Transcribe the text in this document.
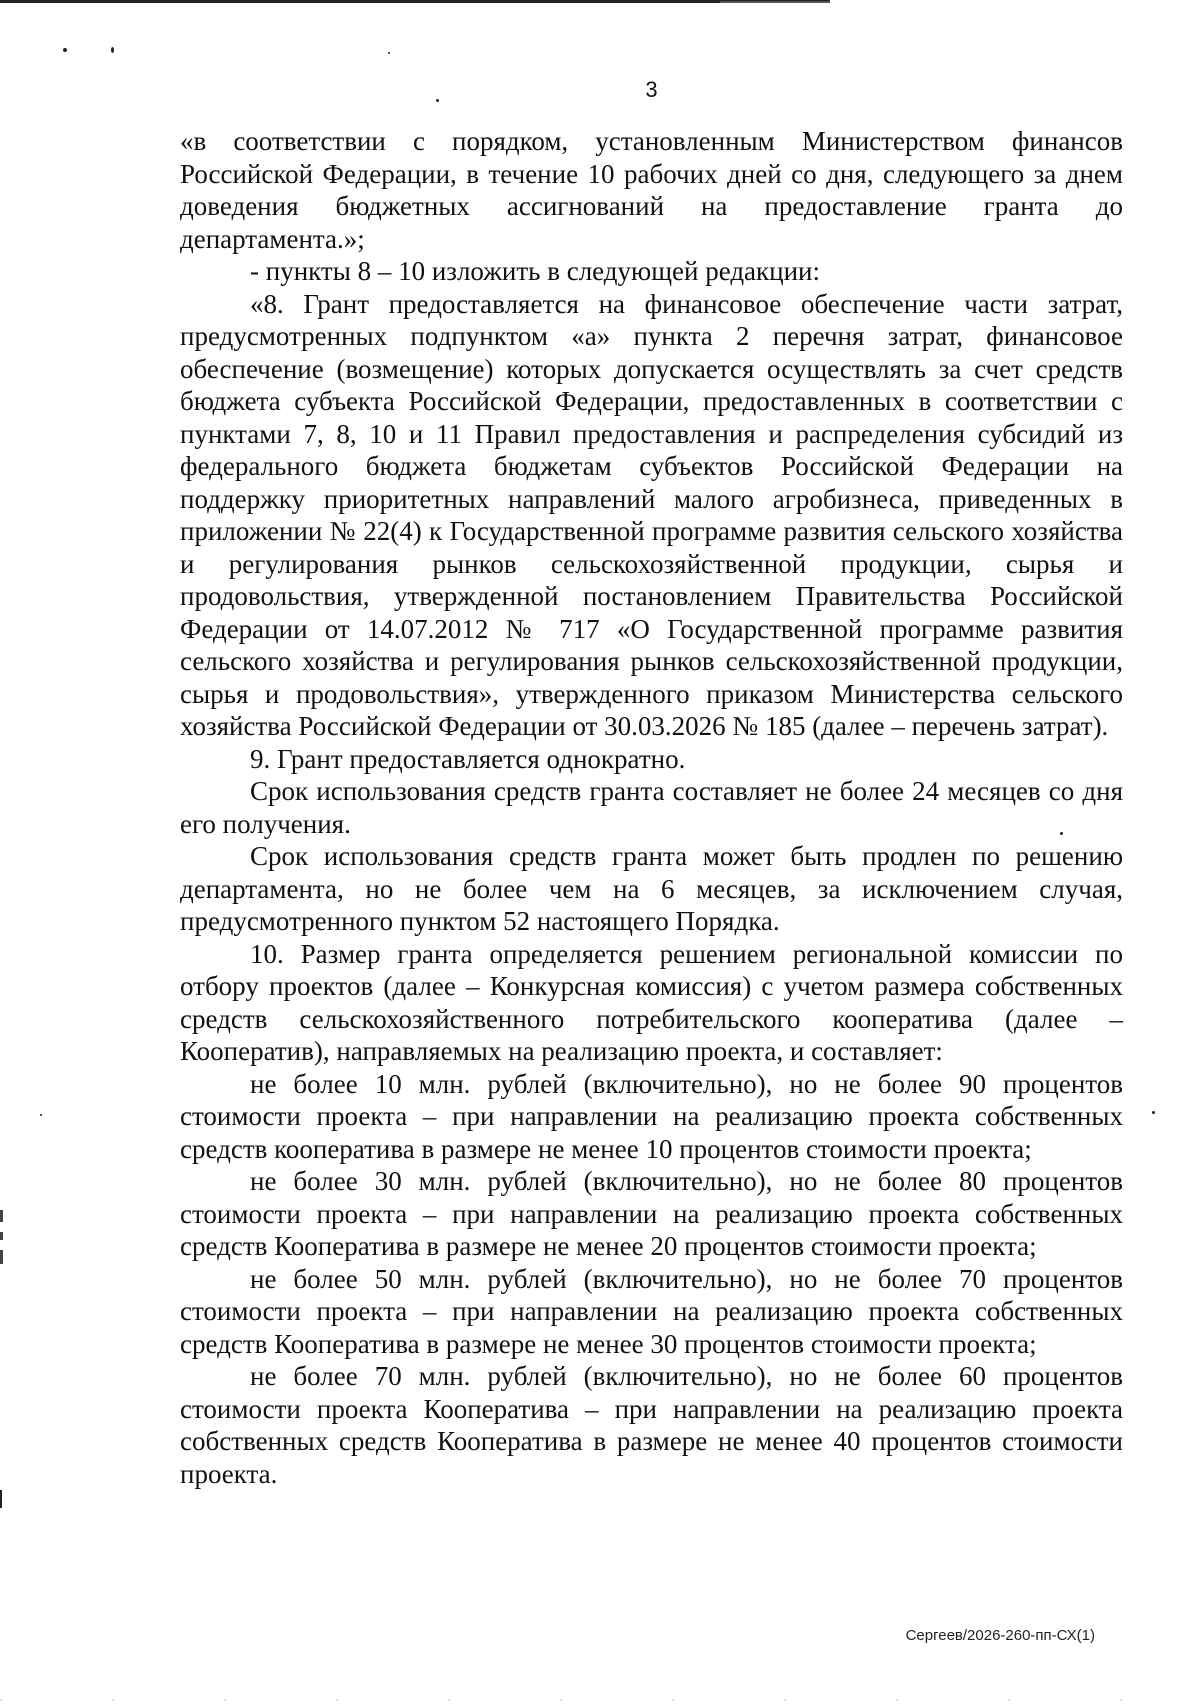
3

«в соответствии с порядком, установленным Министерством финансов Российской Федерации, в течение 10 рабочих дней со дня, следующего за днем доведения бюджетных ассигнований на предоставление гранта до департамента.»;

- пункты 8 – 10 изложить в следующей редакции:

«8. Грант предоставляется на финансовое обеспечение части затрат, предусмотренных подпунктом «а» пункта 2 перечня затрат, финансовое обеспечение (возмещение) которых допускается осуществлять за счет средств бюджета субъекта Российской Федерации, предоставленных в соответствии с пунктами 7, 8, 10 и 11 Правил предоставления и распределения субсидий из федерального бюджета бюджетам субъектов Российской Федерации на поддержку приоритетных направлений малого агробизнеса, приведенных в приложении № 22(4) к Государственной программе развития сельского хозяйства и регулирования рынков сельскохозяйственной продукции, сырья и продовольствия, утвержденной постановлением Правительства Российской Федерации от 14.07.2012 № 717 «О Государственной программе развития сельского хозяйства и регулирования рынков сельскохозяйственной продукции, сырья и продовольствия», утвержденного приказом Министерства сельского хозяйства Российской Федерации от 30.03.2026 № 185 (далее – перечень затрат).

9. Грант предоставляется однократно.

Срок использования средств гранта составляет не более 24 месяцев со дня его получения.

Срок использования средств гранта может быть продлен по решению департамента, но не более чем на 6 месяцев, за исключением случая, предусмотренного пунктом 52 настоящего Порядка.

10. Размер гранта определяется решением региональной комиссии по отбору проектов (далее – Конкурсная комиссия) с учетом размера собственных средств сельскохозяйственного потребительского кооператива (далее – Кооператив), направляемых на реализацию проекта, и составляет:

не более 10 млн. рублей (включительно), но не более 90 процентов стоимости проекта – при направлении на реализацию проекта собственных средств кооператива в размере не менее 10 процентов стоимости проекта;

не более 30 млн. рублей (включительно), но не более 80 процентов стоимости проекта – при направлении на реализацию проекта собственных средств Кооператива в размере не менее 20 процентов стоимости проекта;

не более 50 млн. рублей (включительно), но не более 70 процентов стоимости проекта – при направлении на реализацию проекта собственных средств Кооператива в размере не менее 30 процентов стоимости проекта;

не более 70 млн. рублей (включительно), но не более 60 процентов стоимости проекта Кооператива – при направлении на реализацию проекта собственных средств Кооператива в размере не менее 40 процентов стоимости проекта.

Сергеев/2026-260-пп-СХ(1)
